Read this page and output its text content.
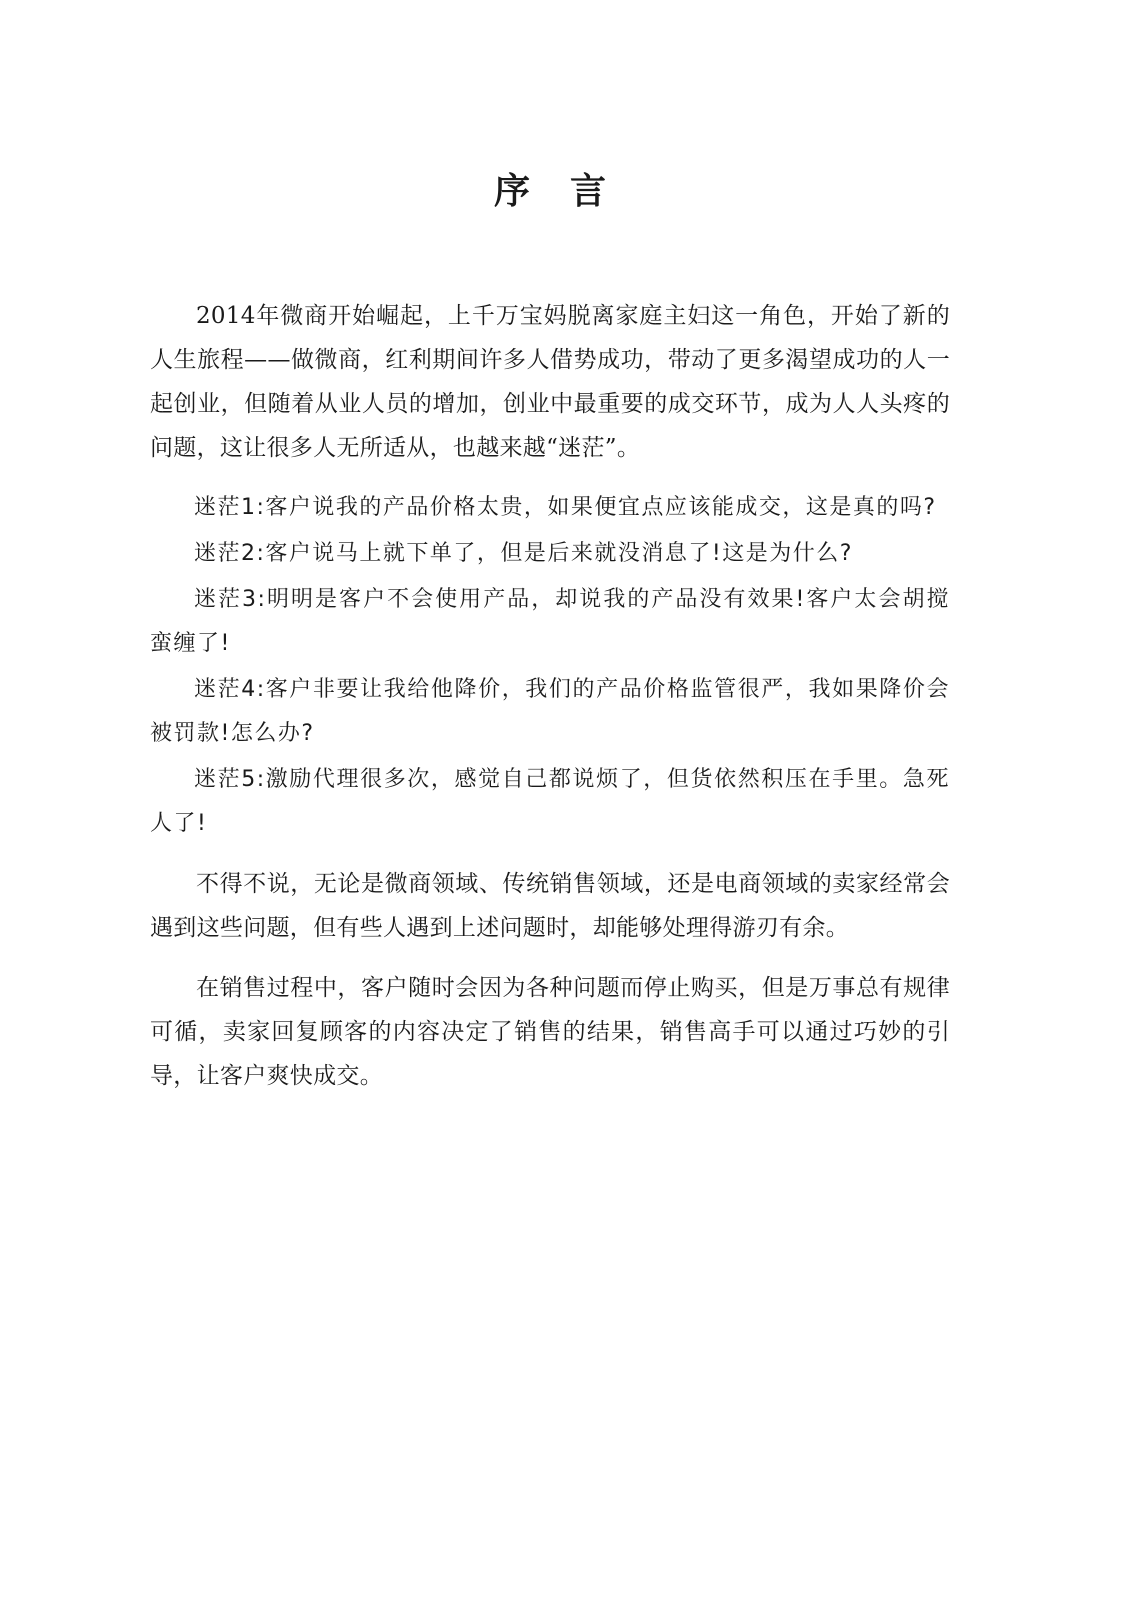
序言

2014年微商开始崛起，上千万宝妈脱离家庭主妇这一角色，开始了新的人生旅程——做微商，红利期间许多人借势成功，带动了更多渴望成功的人一起创业，但随着从业人员的增加，创业中最重要的成交环节，成为人人头疼的问题，这让很多人无所适从，也越来越“迷茫”。

迷茫1:客户说我的产品价格太贵，如果便宜点应该能成交，这是真的吗?

迷茫2:客户说马上就下单了，但是后来就没消息了!这是为什么?

迷茫3:明明是客户不会使用产品，却说我的产品没有效果!客户太会胡搅蛮缠了!

迷茫4:客户非要让我给他降价，我们的产品价格监管很严，我如果降价会被罚款!怎么办?

迷茫5:激励代理很多次，感觉自己都说烦了，但货依然积压在手里。急死人了!

不得不说，无论是微商领域、传统销售领域，还是电商领域的卖家经常会遇到这些问题，但有些人遇到上述问题时，却能够处理得游刃有余。

在销售过程中，客户随时会因为各种问题而停止购买，但是万事总有规律可循，卖家回复顾客的内容决定了销售的结果，销售高手可以通过巧妙的引导，让客户爽快成交。
